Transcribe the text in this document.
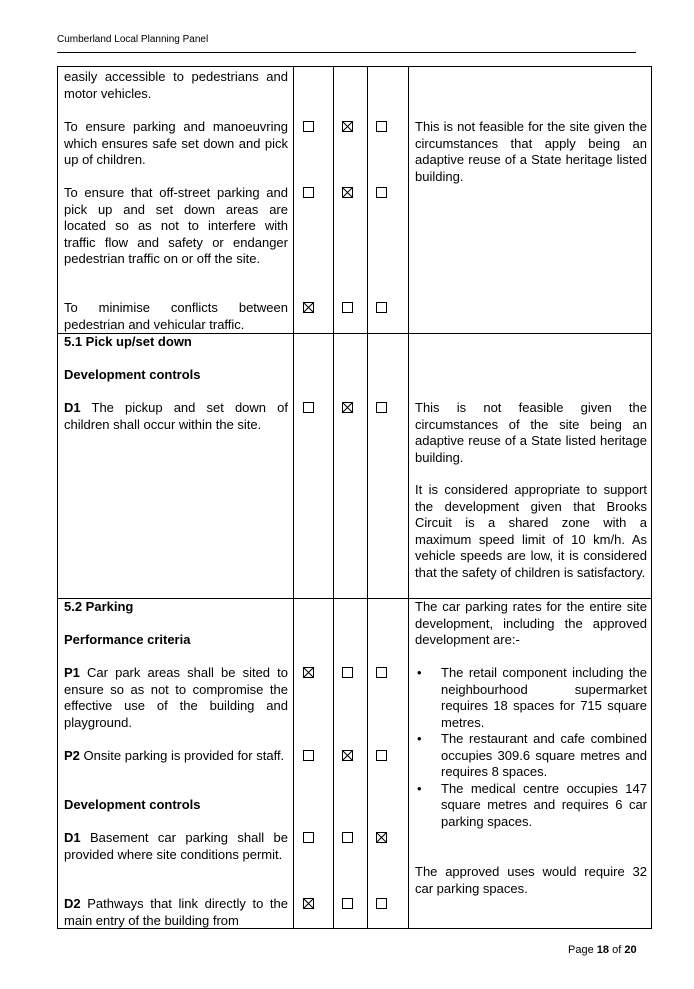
Cumberland Local Planning Panel
easily accessible to pedestrians and motor vehicles.
To ensure parking and manoeuvring which ensures safe set down and pick up of children.
To ensure that off-street parking and pick up and set down areas are located so as not to interfere with traffic flow and safety or endanger pedestrian traffic on or off the site.
To minimise conflicts between pedestrian and vehicular traffic.
5.1 Pick up/set down
Development controls
D1 The pickup and set down of children shall occur within the site.
5.2 Parking
Performance criteria
P1 Car park areas shall be sited to ensure so as not to compromise the effective use of the building and playground.
P2 Onsite parking is provided for staff.
Development controls
D1 Basement car parking shall be provided where site conditions permit.
D2 Pathways that link directly to the main entry of the building from
This is not feasible for the site given the circumstances that apply being an adaptive reuse of a State heritage listed building.
This is not feasible given the circumstances of the site being an adaptive reuse of a State listed heritage building.
It is considered appropriate to support the development given that Brooks Circuit is a shared zone with a maximum speed limit of 10 km/h. As vehicle speeds are low, it is considered that the safety of children is satisfactory.
The car parking rates for the entire site development, including the approved development are:-
• The retail component including the neighbourhood supermarket requires 18 spaces for 715 square metres.
• The restaurant and cafe combined occupies 309.6 square metres and requires 8 spaces.
• The medical centre occupies 147 square metres and requires 6 car parking spaces.
The approved uses would require 32 car parking spaces.
Page 18 of 20
